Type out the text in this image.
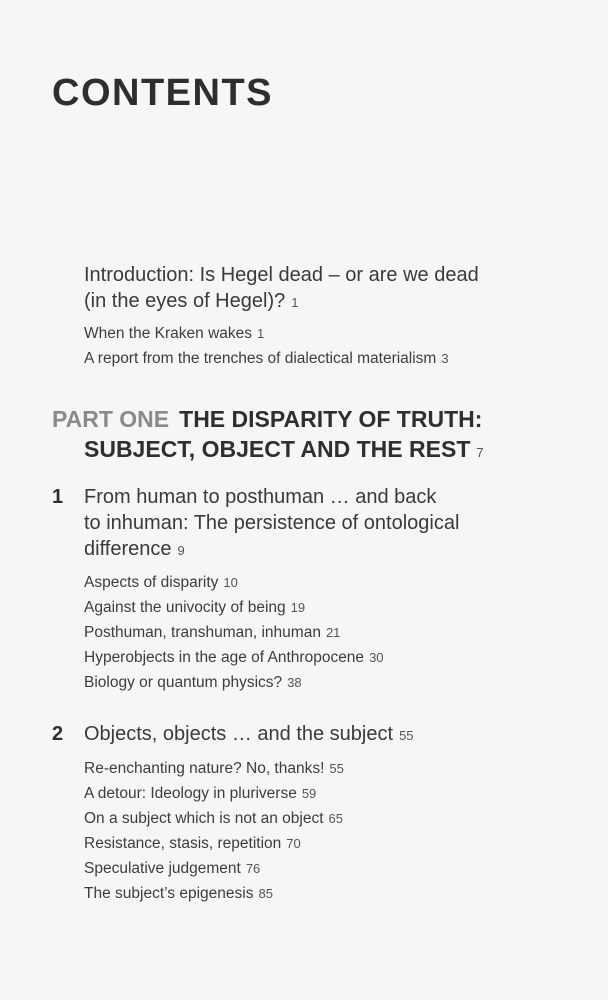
CONTENTS
Introduction: Is Hegel dead – or are we dead
(in the eyes of Hegel)? 1
When the Kraken wakes 1
A report from the trenches of dialectical materialism 3
PART ONE THE DISPARITY OF TRUTH:
SUBJECT, OBJECT AND THE REST 7
1 From human to posthuman … and back
to inhuman: The persistence of ontological
difference 9
Aspects of disparity 10
Against the univocity of being 19
Posthuman, transhuman, inhuman 21
Hyperobjects in the age of Anthropocene 30
Biology or quantum physics? 38
2 Objects, objects … and the subject 55
Re-enchanting nature? No, thanks! 55
A detour: Ideology in pluriverse 59
On a subject which is not an object 65
Resistance, stasis, repetition 70
Speculative judgement 76
The subject’s epigenesis 85
